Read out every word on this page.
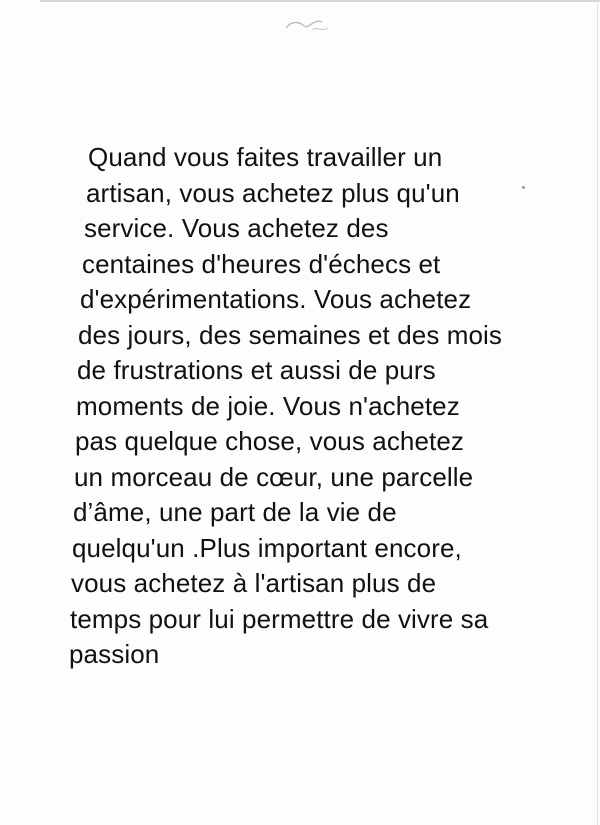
Quand vous faites travailler un
artisan, vous achetez plus qu'un
service. Vous achetez des
centaines d'heures d'échecs et
d'expérimentations. Vous achetez
des jours, des semaines et des mois
de frustrations et aussi de purs
moments de joie. Vous n'achetez
pas quelque chose, vous achetez
un morceau de cœur, une parcelle
d’âme, une part de la vie de
quelqu'un .Plus important encore,
vous achetez à l'artisan plus de
temps pour lui permettre de vivre sa
passion
